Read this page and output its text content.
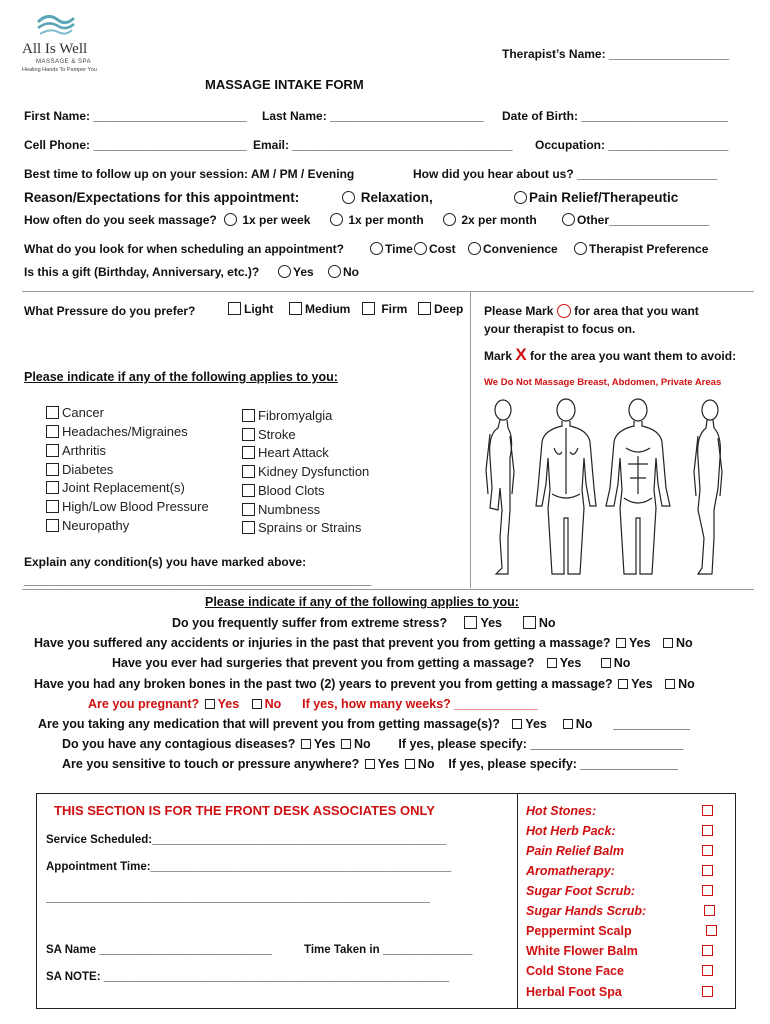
All Is Well
MASSAGE & SPA
Healing Hands To Pamper You
Therapist’s Name: __________________
MASSAGE INTAKE FORM
First Name: _______________________ Last Name: _______________________ Date of Birth: ______________________
Cell Phone: _______________________ Email: _________________________________ Occupation: __________________
Best time to follow up on your session: AM / PM / Evening	How did you hear about us? _____________________
Reason/Expectations for this appointment:	Relaxation,	Pain Relief/Therapeutic
How often do you seek massage?	1x per week	1x per month	2x per month	Other_______________
What do you look for when scheduling an appointment?	Time	Cost	Convenience	Therapist Preference
Is this a gift (Birthday, Anniversary, etc.)?	Yes	No
What Pressure do you prefer?	Light	Medium	Firm	Deep Please Mark for area that you want
your therapist to focus on.
Mark X for the area you want them to avoid:
We Do Not Massage Breast, Abdomen, Private Areas
Please indicate if any of the following applies to you:
Cancer
Headaches/Migraines
Arthritis
Diabetes
Joint Replacement(s)
High/Low Blood Pressure
Neuropathy
Fibromyalgia
Stroke
Heart Attack
Kidney Dysfunction
Blood Clots
Numbness
Sprains or Strains
Explain any condition(s) you have marked above:
____________________________________________________
Please indicate if any of the following applies to you:
Do you frequently suffer from extreme stress?	Yes	No
Have you suffered any accidents or injuries in the past that prevent you from getting a massage? Yes No
Have you ever had surgeries that prevent you from getting a massage? Yes	No
Have you had any broken bones in the past two (2) years to prevent you from getting a massage? Yes No
Are you pregnant? Yes No If yes, how many weeks? ____________
Are you taking any medication that will prevent you from getting massage(s)? Yes No ___________
Do you have any contagious diseases? Yes No If yes, please specify: ______________________
Are you sensitive to touch or pressure anywhere? Yes No If yes, please specify: ______________
THIS SECTION IS FOR THE FRONT DESK ASSOCIATES ONLY
Service Scheduled:______________________________________________
Appointment Time:_______________________________________________
____________________________________________________________
SA Name ___________________________	Time Taken in ______________
SA NOTE: ______________________________________________________
Hot Stones:
Hot Herb Pack:
Pain Relief Balm
Aromatherapy:
Sugar Foot Scrub:
Sugar Hands Scrub:
Peppermint Scalp
White Flower Balm
Cold Stone Face
Herbal Foot Spa
